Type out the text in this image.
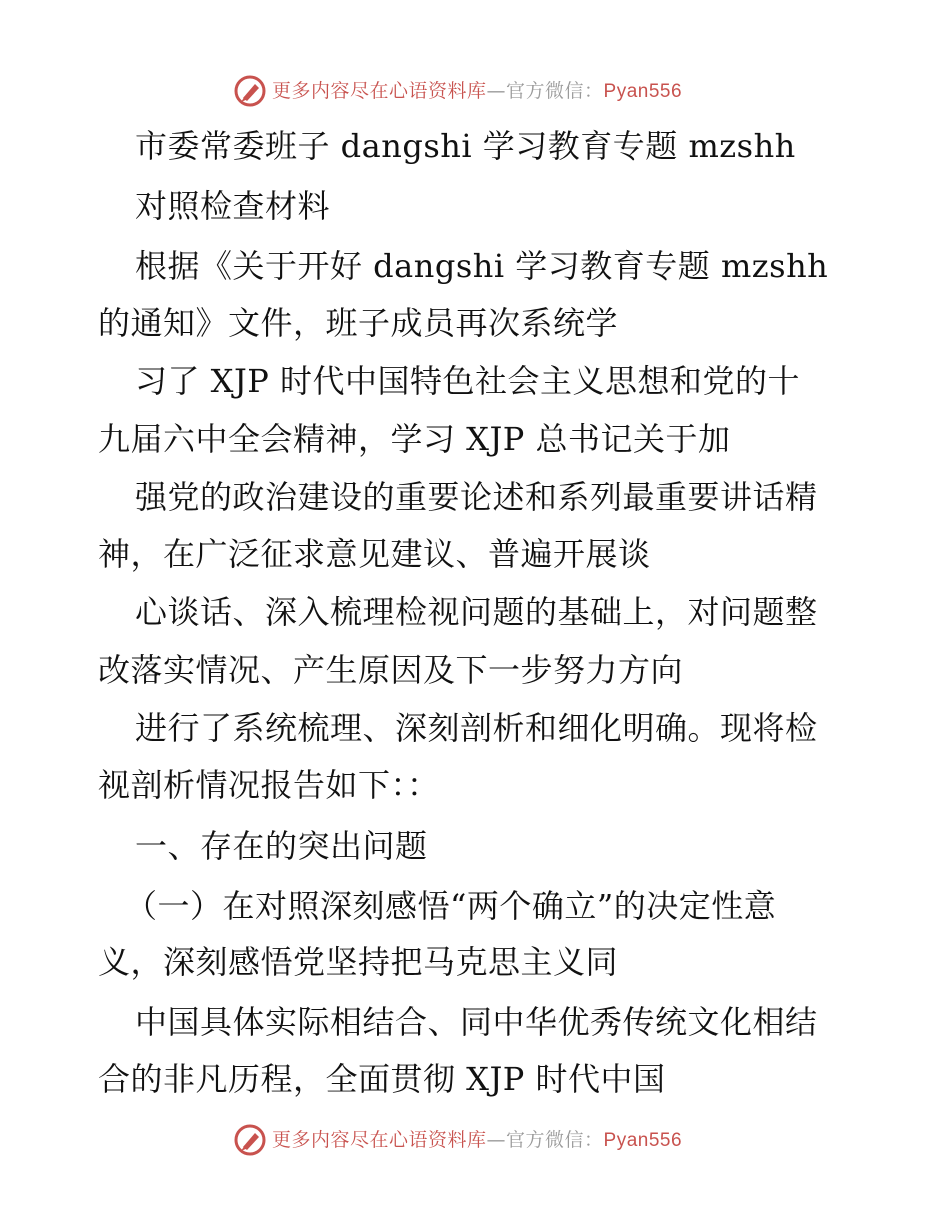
更多内容尽在心语资料库—官方微信：Pyan556
市委常委班子 dangshi 学习教育专题 mzshh
对照检查材料
根据《关于开好 dangshi 学习教育专题 mzshh
的通知》文件，班子成员再次系统学
习了 XJP 时代中国特色社会主义思想和党的十
九届六中全会精神，学习 XJP 总书记关于加
强党的政治建设的重要论述和系列最重要讲话精
神，在广泛征求意见建议、普遍开展谈
心谈话、深入梳理检视问题的基础上，对问题整
改落实情况、产生原因及下一步努力方向
进行了系统梳理、深刻剖析和细化明确。现将检
视剖析情况报告如下：：
一、存在的突出问题
（一）在对照深刻感悟“两个确立”的决定性意
义，深刻感悟党坚持把马克思主义同
中国具体实际相结合、同中华优秀传统文化相结
合的非凡历程，全面贯彻 XJP 时代中国
更多内容尽在心语资料库—官方微信：Pyan556
